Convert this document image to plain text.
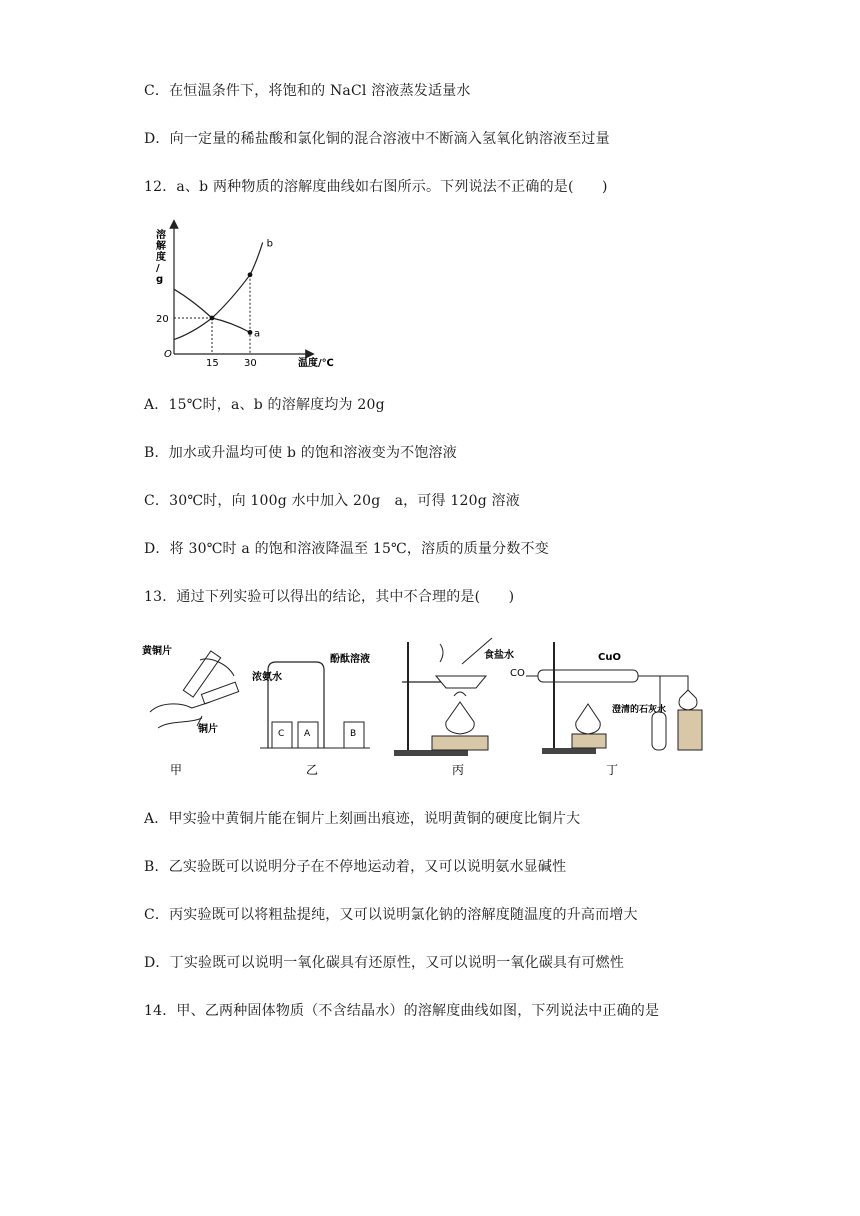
C．在恒温条件下，将饱和的 NaCl 溶液蒸发适量水
D．向一定量的稀盐酸和氯化铜的混合溶液中不断滴入氢氧化钠溶液至过量
12．a、b 两种物质的溶解度曲线如右图所示。下列说法不正确的是(　　)
溶解度/ g
温度/℃
O
15	30
20
a
b
A．15℃时，a、b 的溶解度均为 20g
B．加水或升温均可使 b 的饱和溶液变为不饱溶液
C．30℃时，向 100g 水中加入 20g　a，可得 120g 溶液
D．将 30℃时 a 的饱和溶液降温至 15℃，溶质的质量分数不变
13．通过下列实验可以得出的结论，其中不合理的是(　　)
黄铜片
铜片
甲
浓氨水
C A
酚酞溶液
B
乙
食盐水
丙
CO
CuO
澄清的石灰水
丁
A．甲实验中黄铜片能在铜片上刻画出痕迹，说明黄铜的硬度比铜片大
B．乙实验既可以说明分子在不停地运动着，又可以说明氨水显碱性
C．丙实验既可以将粗盐提纯，又可以说明氯化钠的溶解度随温度的升高而增大
D．丁实验既可以说明一氧化碳具有还原性，又可以说明一氧化碳具有可燃性
14．甲、乙两种固体物质（不含结晶水）的溶解度曲线如图，下列说法中正确的是
